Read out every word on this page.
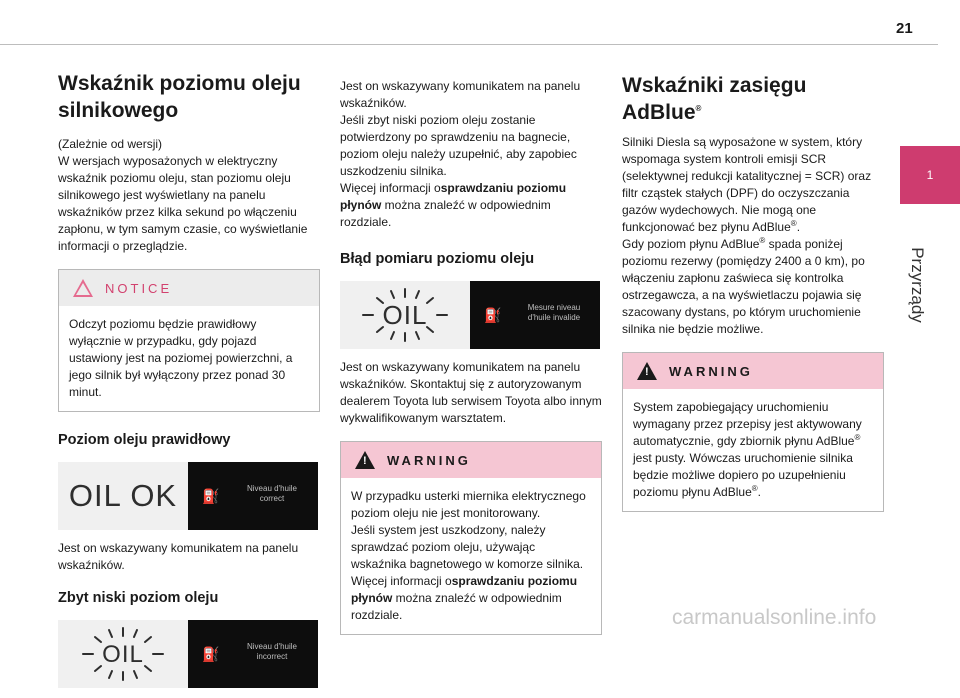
21
1
Przyrządy
Wskaźnik poziomu oleju silnikowego

(Zależnie od wersji)
W wersjach wyposażonych w elektryczny wskaźnik poziomu oleju, stan poziomu oleju silnikowego jest wyświetlany na panelu wskaźników przez kilka sekund po włączeniu zapłonu, w tym samym czasie, co wyświetlanie informacji o przeglądzie.

NOTICE

Odczyt poziomu będzie prawidłowy wyłącznie w przypadku, gdy pojazd ustawiony jest na poziomej powierzchni, a jego silnik był wyłączony przez ponad 30 minut.

Poziom oleju prawidłowy
OIL OK ⛽	Niveau d'huile
correct

Jest on wskazywany komunikatem na panelu wskaźników.

Zbyt niski poziom oleju
OIL	⛽	Niveau d'huile
incorrect

Jest on wskazywany komunikatem na panelu wskaźników.
Jeśli zbyt niski poziom oleju zostanie potwierdzony po sprawdzeniu na bagnecie, poziom oleju należy uzupełnić, aby zapobiec uszkodzeniu silnika.
Więcej informacji osprawdzaniu poziomu płynów można znaleźć w odpowiednim rozdziale.

Błąd pomiaru poziomu oleju
OIL	⛽	Mesure niveau
d'huile invalide

Jest on wskazywany komunikatem na panelu wskaźników. Skontaktuj się z autoryzowanym dealerem Toyota lub serwisem Toyota albo innym wykwalifikowanym warsztatem.

! WARNING

W przypadku usterki miernika elektrycznego poziom oleju nie jest monitorowany.
Jeśli system jest uszkodzony, należy sprawdzać poziom oleju, używając wskaźnika bagnetowego w komorze silnika.
Więcej informacji osprawdzaniu poziomu płynów można znaleźć w odpowiednim rozdziale.

Wskaźniki zasięgu AdBlue®

Silniki Diesla są wyposażone w system, który wspomaga system kontroli emisji SCR (selektywnej redukcji katalitycznej = SCR) oraz filtr cząstek stałych (DPF) do oczyszczania gazów wydechowych. Nie mogą one funkcjonować bez płynu AdBlue®.

Gdy poziom płynu AdBlue® spada poniżej poziomu rezerwy (pomiędzy 2400 a 0 km), po włączeniu zapłonu zaświeca się kontrolka ostrzegawcza, a na wyświetlaczu pojawia się szacowany dystans, po którym uruchomienie silnika nie będzie możliwe.

! WARNING

System zapobiegający uruchomieniu wymagany przez przepisy jest aktywowany automatycznie, gdy zbiornik płynu AdBlue® jest pusty. Wówczas uruchomienie silnika będzie możliwe dopiero po uzupełnieniu poziomu płynu AdBlue®.

carmanualsonline.info
